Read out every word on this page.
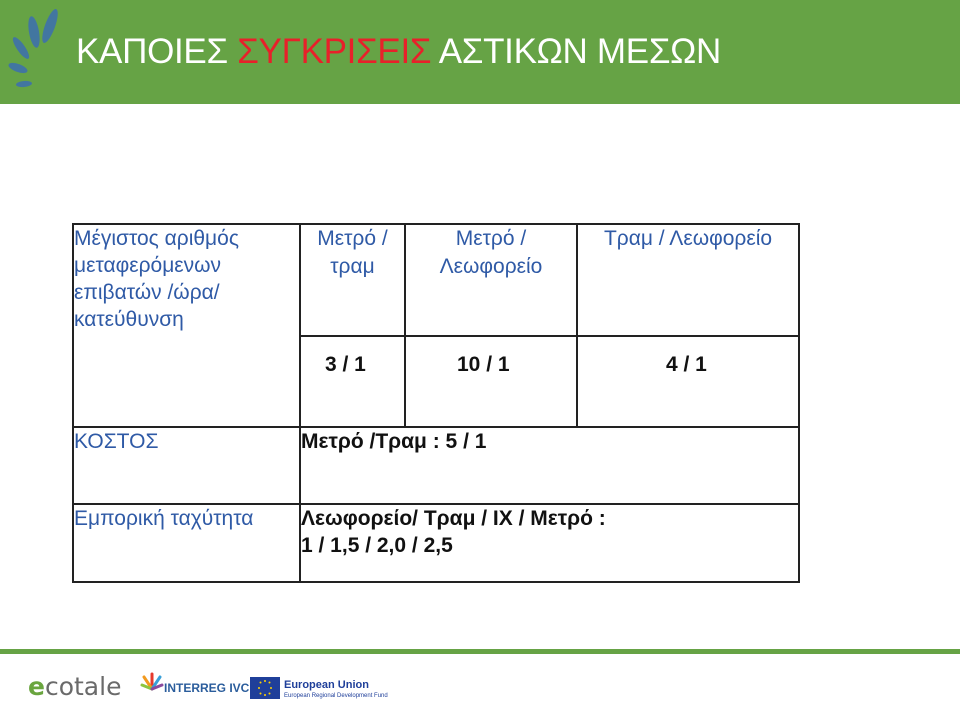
ΚΑΠΟΙΕΣ ΣΥΓΚΡΙΣΕΙΣ ΑΣΤΙΚΩΝ ΜΕΣΩΝ
Μέγιστος αριθμός μεταφερόμενων επιβατών /ώρα/ κατεύθυνση	Μετρό / τραμ	Μετρό / Λεωφορείο	Τραμ / Λεωφορείο

	3 / 1	10 / 1	4 / 1

ΚΟΣΤΟΣ	Μετρό /Τραμ : 5 / 1		
Εμπορική ταχύτητα	Λεωφορείο/ Τραμ / ΙΧ / Μετρό :
1 / 1,5 / 2,0 / 2,5		
ecotale	INTERREG IVC	European Union
European Regional Development Fund
